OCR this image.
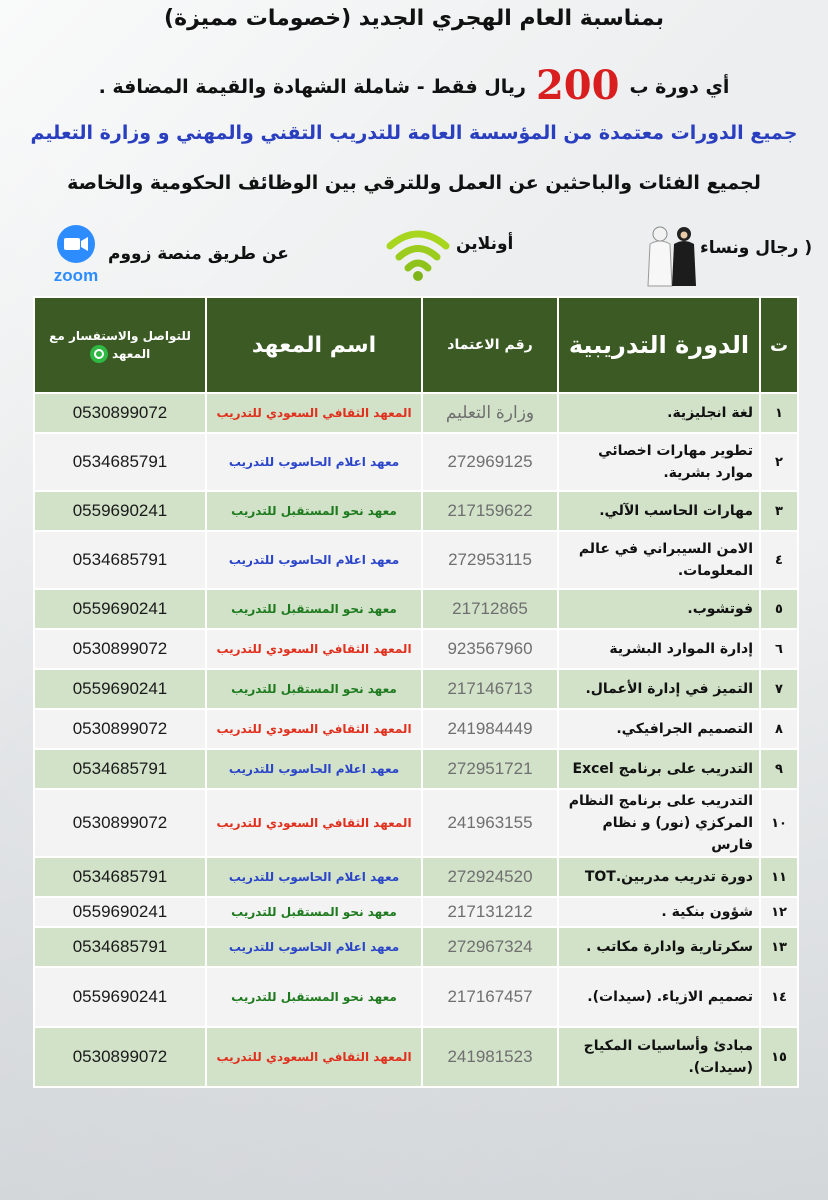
بمناسبة العام الهجري الجديد (خصومات مميزة)
أي دورة ب200ريال فقط - شاملة الشهادة والقيمة المضافة .
جميع الدورات معتمدة من المؤسسة العامة للتدريب التقني والمهني و وزارة التعليم
لجميع الفئات والباحثين عن العمل وللترقي بين الوظائف الحكومية والخاصة
( رجال ونساء
أونلاين
عن طريق منصة زووم
zoom
ت	الدورة التدريبية	رقم الاعتماد	اسم المعهد	للتواصل والاستفسار مع المعهد
١	لغة انجليزية.	وزارة التعليم	المعهد الثقافي السعودي للتدريب	0530899072
٢	تطوير مهارات اخصائي موارد بشرية.	272969125	معهد اعلام الحاسوب للتدريب	0534685791
٣	مهارات الحاسب الآلي.	217159622	معهد نحو المستقبل للتدريب	0559690241
٤	الامن السيبراني في عالم المعلومات.	272953115	معهد اعلام الحاسوب للتدريب	0534685791
٥	فوتشوب.	21712865	معهد نحو المستقبل للتدريب	0559690241
٦	إدارة الموارد البشرية	923567960	المعهد الثقافي السعودي للتدريب	0530899072
٧	التميز في إدارة الأعمال.	217146713	معهد نحو المستقبل للتدريب	0559690241
٨	التصميم الجرافيكي.	241984449	المعهد الثقافي السعودي للتدريب	0530899072
٩	التدريب على برنامج Excel	272951721	معهد اعلام الحاسوب للتدريب	0534685791
١٠	التدريب على برنامج النظام المركزي (نور) و نظام فارس	241963155	المعهد الثقافي السعودي للتدريب	0530899072
١١	دورة تدريب مدربين.TOT	272924520	معهد اعلام الحاسوب للتدريب	0534685791
١٢	شؤون بنكية .	217131212	معهد نحو المستقبل للتدريب	0559690241
١٣	سكرتارية وادارة مكاتب .	272967324	معهد اعلام الحاسوب للتدريب	0534685791
١٤	تصميم الازياء. (سيدات).	217167457	معهد نحو المستقبل للتدريب	0559690241
١٥	مبادئ وأساسيات المكياج (سيدات).	241981523	المعهد الثقافي السعودي للتدريب	0530899072
